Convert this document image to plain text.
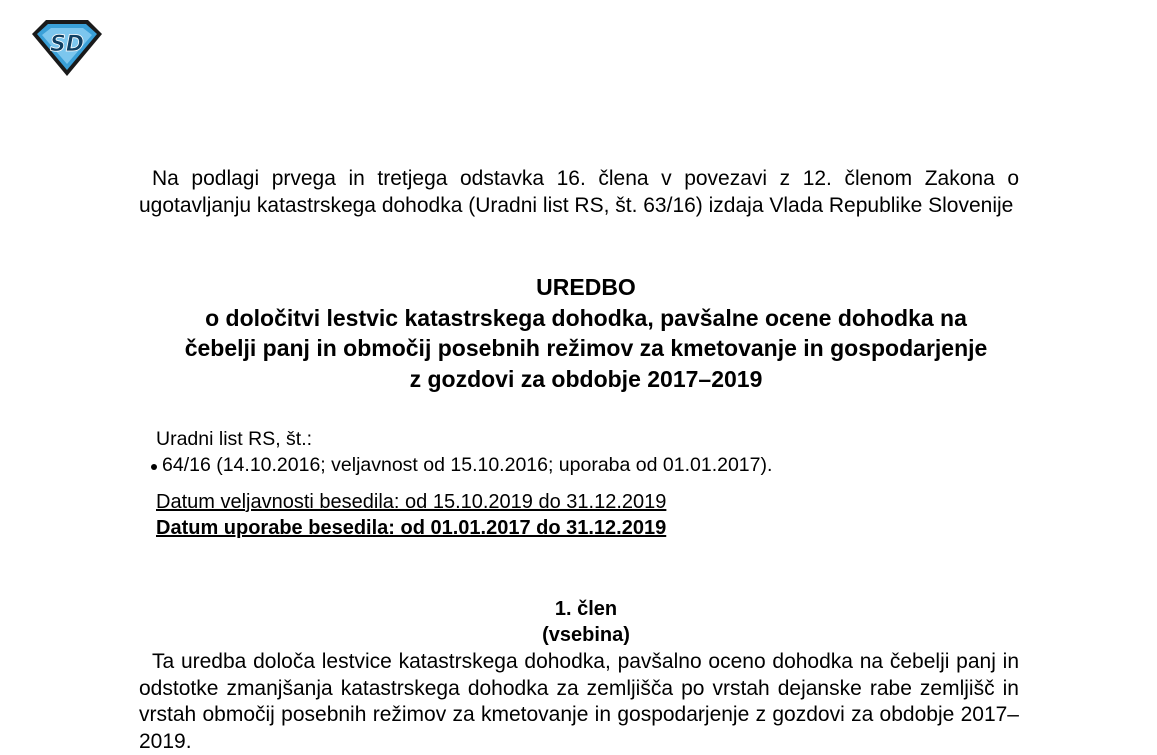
SD

Na podlagi prvega in tretjega odstavka 16. člena v povezavi z 12. členom Zakona o ugotavljanju katastrskega dohodka (Uradni list RS, št. 63/16) izdaja Vlada Republike Slovenije

UREDBO
o določitvi lestvic katastrskega dohodka, pavšalne ocene dohodka na čebelji panj in območij posebnih režimov za kmetovanje in gospodarjenje z gozdovi za obdobje 2017–2019
Uradni list RS, št.:
64/16 (14.10.2016; veljavnost od 15.10.2016; uporaba od 01.01.2017).
Datum veljavnosti besedila: od 15.10.2019 do 31.12.2019
Datum uporabe besedila: od 01.01.2017 do 31.12.2019
1. člen
(vsebina)

Ta uredba določa lestvice katastrskega dohodka, pavšalno oceno dohodka na čebelji panj in odstotke zmanjšanja katastrskega dohodka za zemljišča po vrstah dejanske rabe zemljišč in vrstah območij posebnih režimov za kmetovanje in gospodarjenje z gozdovi za obdobje 2017–2019.
